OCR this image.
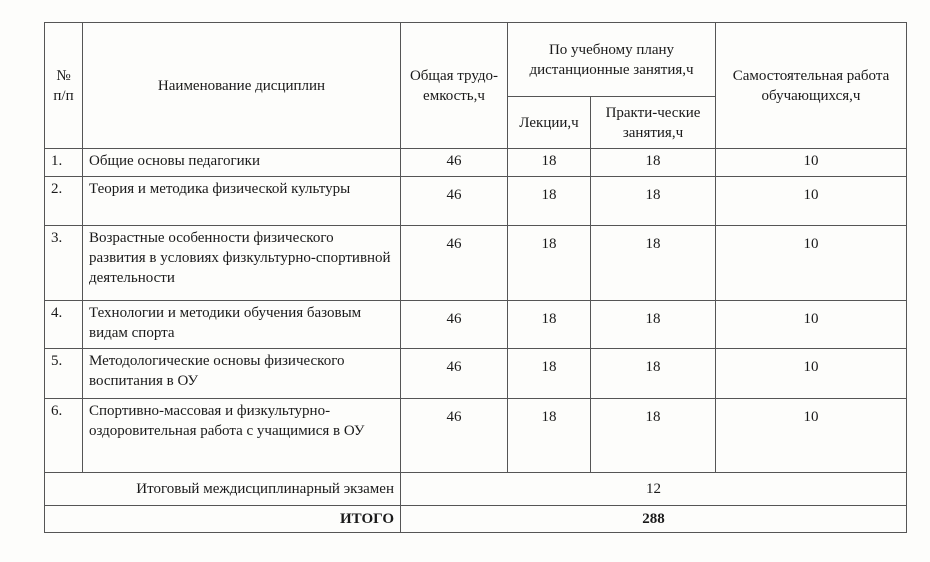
№ п/п	Наименование дисциплин	Общая трудо-емкость,ч	По учебному плану дистанционные занятия,ч		Самостоятельная работа обучающихся,ч
			Лекции,ч	Практи-ческие занятия,ч	
1.	Общие основы педагогики	46	18	18	10
2.	Теория и методика физической культуры	46	18	18	10
3.	Возрастные особенности физического развития в условиях физкультурно-спортивной деятельности	46	18	18	10
4.	Технологии и методики обучения базовым видам спорта	46	18	18	10
5.	Методологические основы физического воспитания в ОУ	46	18	18	10
6.	Спортивно-массовая и физкультурно-оздоровительная работа с учащимися в ОУ	46	18	18	10
Итоговый междисциплинарный экзамен		12			
ИТОГО		288			
